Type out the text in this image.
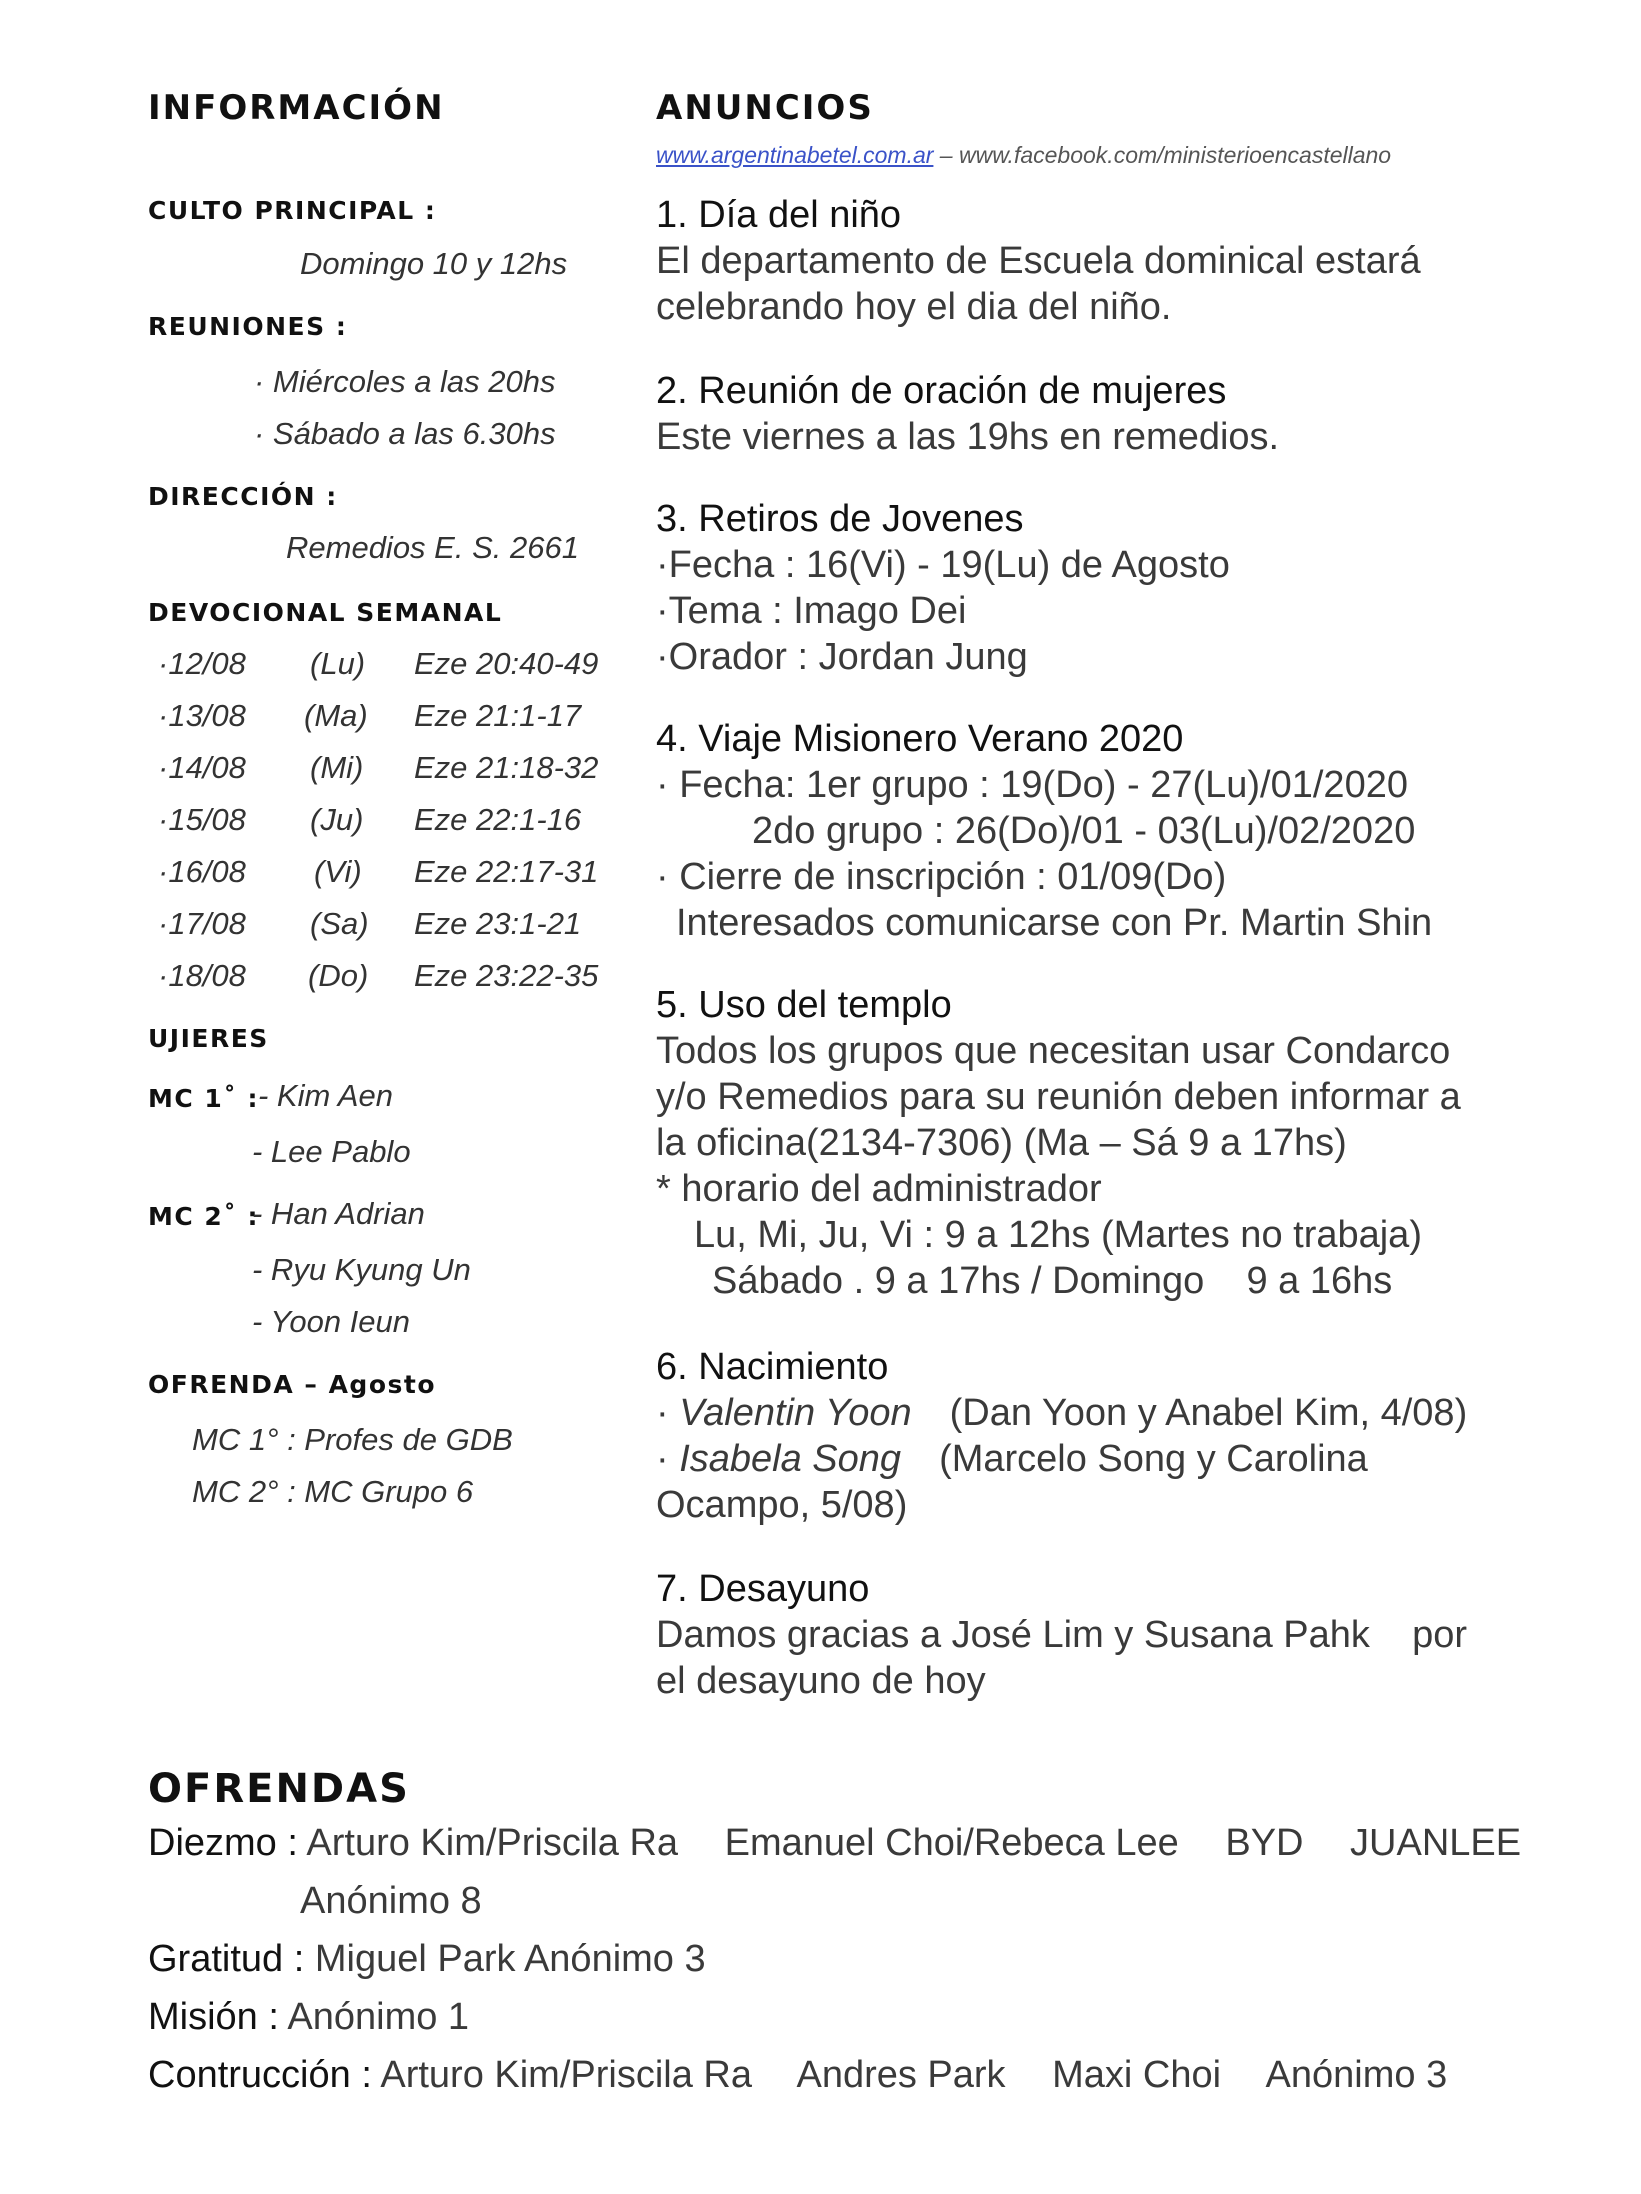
INFORMACIÓN
CULTO PRINCIPAL :
Domingo 10 y 12hs
REUNIONES :
· Miércoles a las 20hs
· Sábado a las 6.30hs
DIRECCIÓN :
Remedios E. S. 2661
DEVOCIONAL SEMANAL
·12/08 (Lu) Eze 20:40-49
·13/08 (Ma) Eze 21:1-17
·14/08 (Mi) Eze 21:18-32
·15/08 (Ju) Eze 22:1-16
·16/08 (Vi) Eze 22:17-31
·17/08 (Sa) Eze 23:1-21
·18/08 (Do) Eze 23:22-35
UJIERES
MC 1˚ :
- Kim Aen
- Lee Pablo
MC 2˚ :
- Han Adrian
- Ryu Kyung Un
- Yoon Ieun
OFRENDA – Agosto
MC 1° : Profes de GDB
MC 2° : MC Grupo 6
ANUNCIOS
www.argentinabetel.com.ar – www.facebook.com/ministerioencastellano
1. Día del niño
El departamento de Escuela dominical estará
celebrando hoy el dia del niño.
2. Reunión de oración de mujeres
Este viernes a las 19hs en remedios.
3. Retiros de Jovenes
·Fecha : 16(Vi) - 19(Lu) de Agosto
·Tema : Imago Dei
·Orador : Jordan Jung
4. Viaje Misionero Verano 2020
· Fecha: 1er grupo : 19(Do) - 27(Lu)/01/2020
2do grupo : 26(Do)/01 - 03(Lu)/02/2020
· Cierre de inscripción : 01/09(Do)
Interesados comunicarse con Pr. Martin Shin
5. Uso del templo
Todos los grupos que necesitan usar Condarco
y/o Remedios para su reunión deben informar a
la oficina(2134-7306) (Ma – Sá 9 a 17hs)
* horario del administrador
Lu, Mi, Ju, Vi : 9 a 12hs (Martes no trabaja)
Sábado . 9 a 17hs / Domingo    9 a 16hs
6. Nacimiento
· Valentin Yoon (Dan Yoon y Anabel Kim, 4/08)
· Isabela Song (Marcelo Song y Carolina
Ocampo, 5/08)
7. Desayuno
Damos gracias a José Lim y Susana Pahk    por
el desayuno de hoy
OFRENDAS
Diezmo : Arturo Kim/Priscila Ra Emanuel Choi/Rebeca Lee BYD JUANLEE
Anónimo 8
Gratitud : Miguel Park Anónimo 3
Misión : Anónimo 1
Contrucción : Arturo Kim/Priscila Ra Andres Park Maxi Choi Anónimo 3
